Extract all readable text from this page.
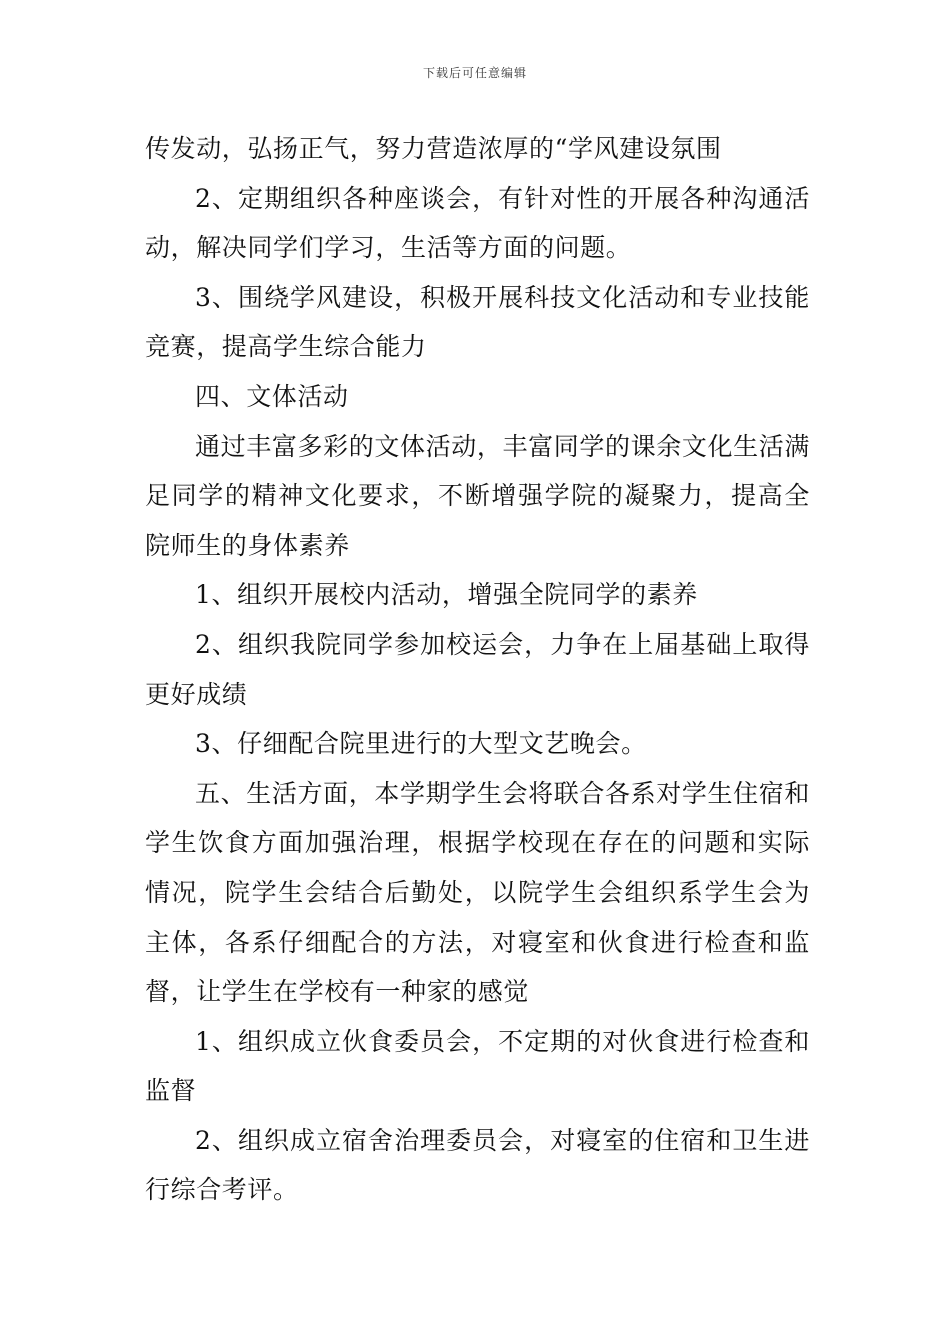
下载后可任意编辑

传发动，弘扬正气，努力营造浓厚的“学风建设氛围

2、定期组织各种座谈会，有针对性的开展各种沟通活动，解决同学们学习，生活等方面的问题。

3、围绕学风建设，积极开展科技文化活动和专业技能竞赛，提高学生综合能力

四、文体活动

通过丰富多彩的文体活动，丰富同学的课余文化生活满足同学的精神文化要求，不断增强学院的凝聚力，提高全院师生的身体素养

1、组织开展校内活动，增强全院同学的素养

2、组织我院同学参加校运会，力争在上届基础上取得更好成绩

3、仔细配合院里进行的大型文艺晚会。

五、生活方面，本学期学生会将联合各系对学生住宿和学生饮食方面加强治理，根据学校现在存在的问题和实际情况，院学生会结合后勤处，以院学生会组织系学生会为主体，各系仔细配合的方法，对寝室和伙食进行检查和监督，让学生在学校有一种家的感觉

1、组织成立伙食委员会，不定期的对伙食进行检查和监督

2、组织成立宿舍治理委员会，对寝室的住宿和卫生进行综合考评。
